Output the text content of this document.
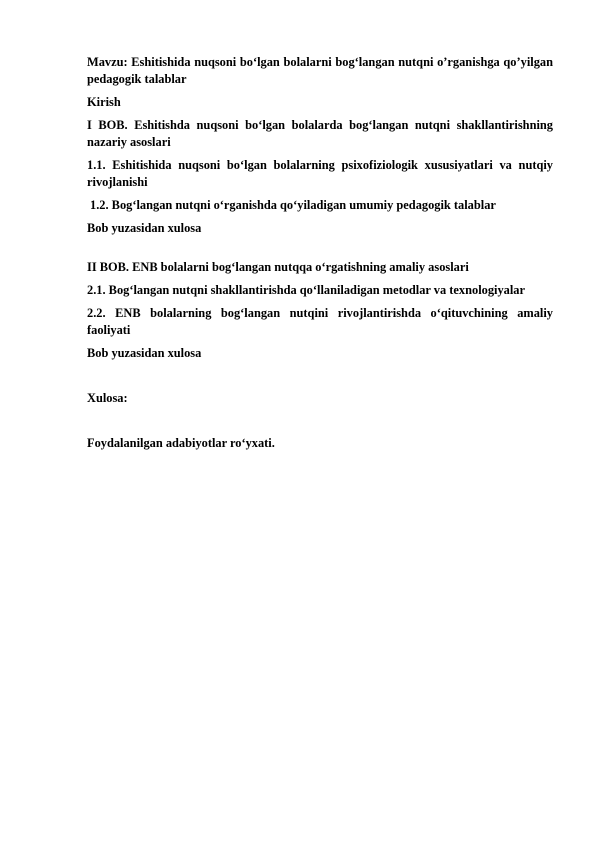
Mavzu: Eshitishida nuqsoni bo‘lgan bolalarni bog‘langan nutqni o’rganishga qo’yilgan pedagogik talablar

Kirish

I BOB. Eshitishda nuqsoni bo‘lgan bolalarda bog‘langan nutqni shakllantirishning nazariy asoslari

1.1. Eshitishida nuqsoni bo‘lgan bolalarning psixofiziologik xususiyatlari va nutqiy rivojlanishi

1.2. Bog‘langan nutqni o‘rganishda qo‘yiladigan umumiy pedagogik talablar

Bob yuzasidan xulosa

II BOB. ENB bolalarni bog‘langan nutqqa o‘rgatishning amaliy asoslari

2.1. Bog‘langan nutqni shakllantirishda qo‘llaniladigan metodlar va texnologiyalar

2.2. ENB bolalarning bog‘langan nutqini rivojlantirishda o‘qituvchining amaliy faoliyati

Bob yuzasidan xulosa

Xulosa:

Foydalanilgan adabiyotlar ro‘yxati.
